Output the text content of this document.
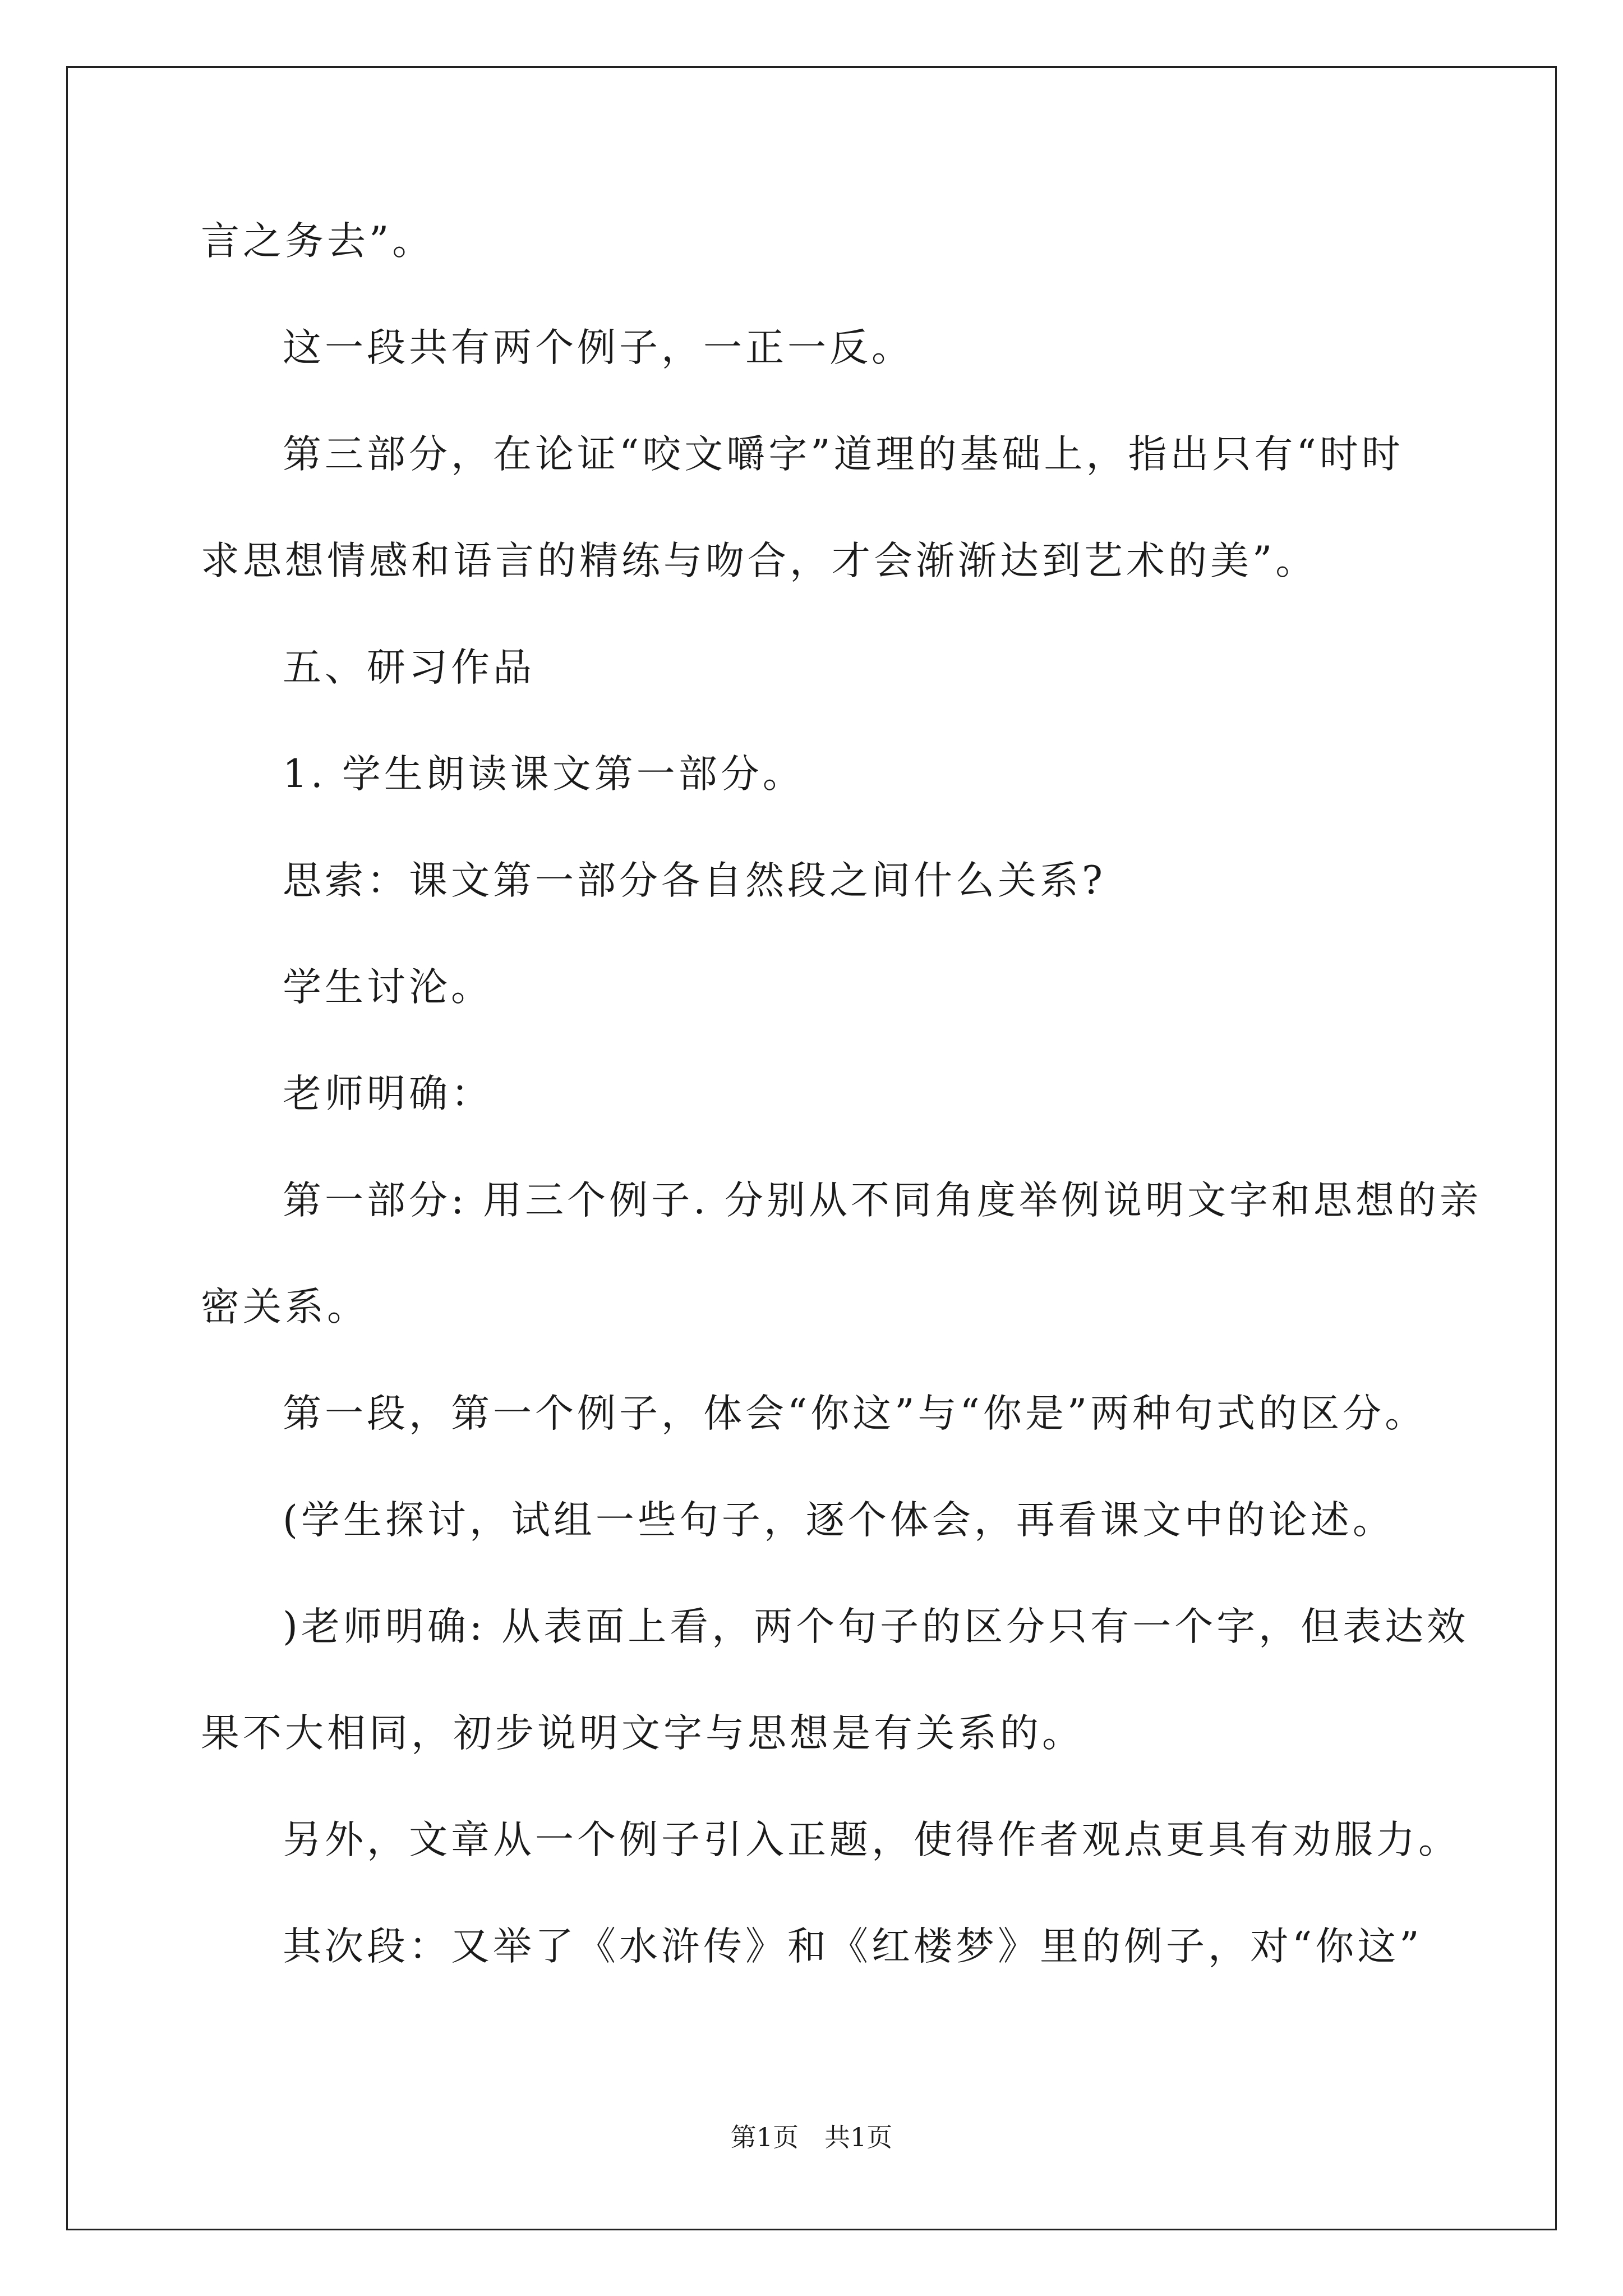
言之务去”。
这一段共有两个例子，一正一反。
第三部分，在论证“咬文嚼字”道理的基础上，指出只有“时时
求思想情感和语言的精练与吻合，才会渐渐达到艺术的美”。
五、研习作品
1. 学生朗读课文第一部分。
思索：课文第一部分各自然段之间什么关系?
学生讨沦。
老师明确：
第一部分: 用三个例子. 分别从不同角度举例说明文字和思想的亲
密关系。
第一段，第一个例子，体会“你这”与“你是”两种句式的区分。
(学生探讨，试组一些句子，逐个体会，再看课文中的论述。
)老师明确: 从表面上看，两个句子的区分只有一个字，但表达效
果不大相同，初步说明文字与思想是有关系的。
另外，文章从一个例子引入正题，使得作者观点更具有劝服力。
其次段：又举了《水浒传》和《红楼梦》里的例子，对“你这”
第1页　共1页
